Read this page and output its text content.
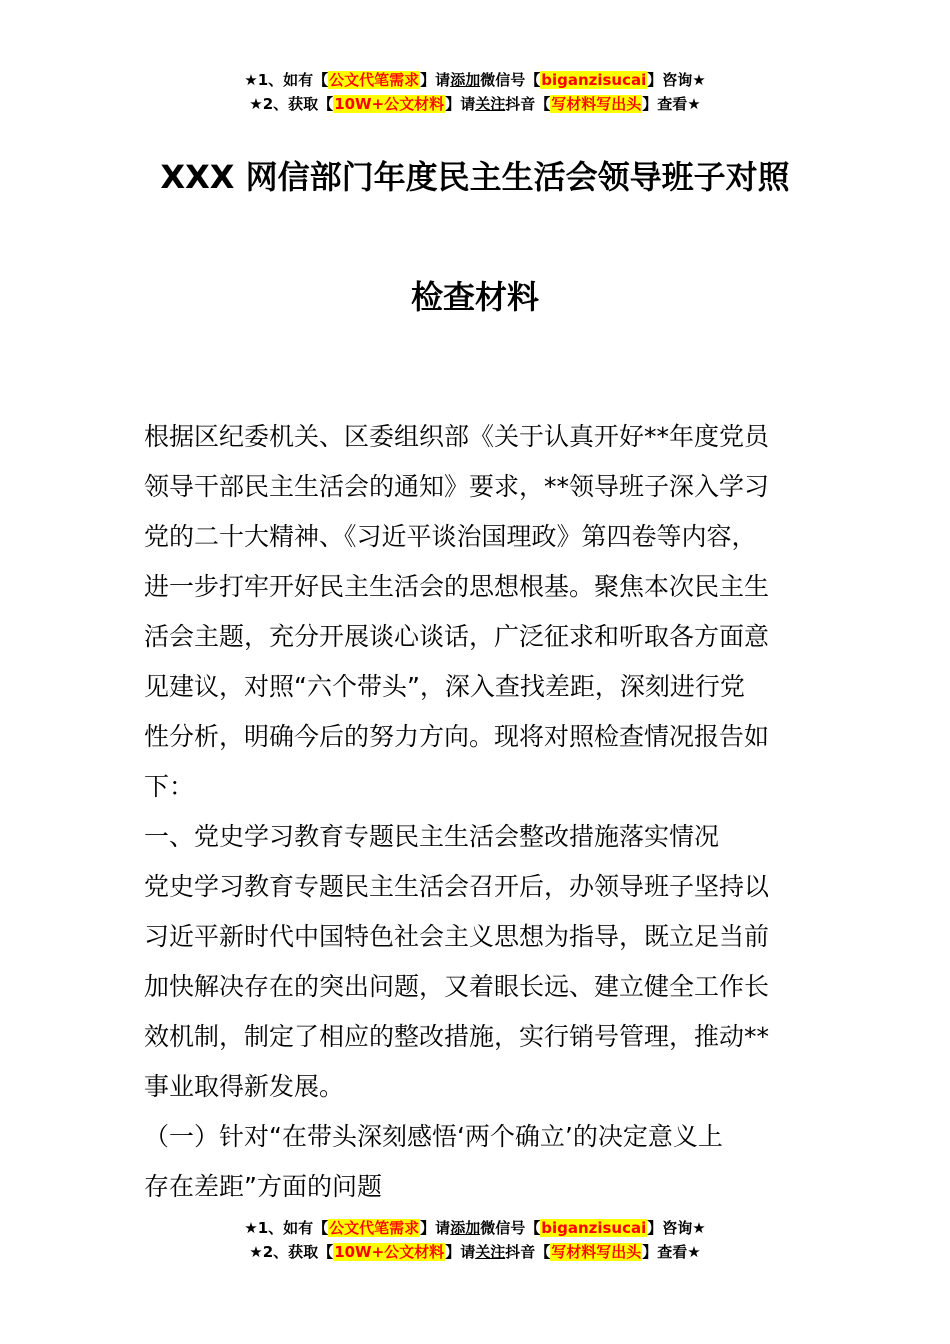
★1、如有【公文代笔需求】请添加微信号【biganzisucai】咨询★
★2、获取【10W+公文材料】请关注抖音【写材料写出头】查看★
XXX 网信部门年度民主生活会领导班子对照
检查材料
根据区纪委机关、区委组织部《关于认真开好**年度党员
领导干部民主生活会的通知》要求，**领导班子深入学习
党的二十大精神、《习近平谈治国理政》第四卷等内容，
进一步打牢开好民主生活会的思想根基。聚焦本次民主生
活会主题，充分开展谈心谈话，广泛征求和听取各方面意
见建议，对照“六个带头”，深入查找差距，深刻进行党
性分析，明确今后的努力方向。现将对照检查情况报告如
下：
一、党史学习教育专题民主生活会整改措施落实情况
党史学习教育专题民主生活会召开后，办领导班子坚持以
习近平新时代中国特色社会主义思想为指导，既立足当前
加快解决存在的突出问题，又着眼长远、建立健全工作长
效机制，制定了相应的整改措施，实行销号管理，推动**
事业取得新发展。
（一）针对“在带头深刻感悟‘两个确立’的决定意义上
存在差距”方面的问题
★1、如有【公文代笔需求】请添加微信号【biganzisucai】咨询★
★2、获取【10W+公文材料】请关注抖音【写材料写出头】查看★
